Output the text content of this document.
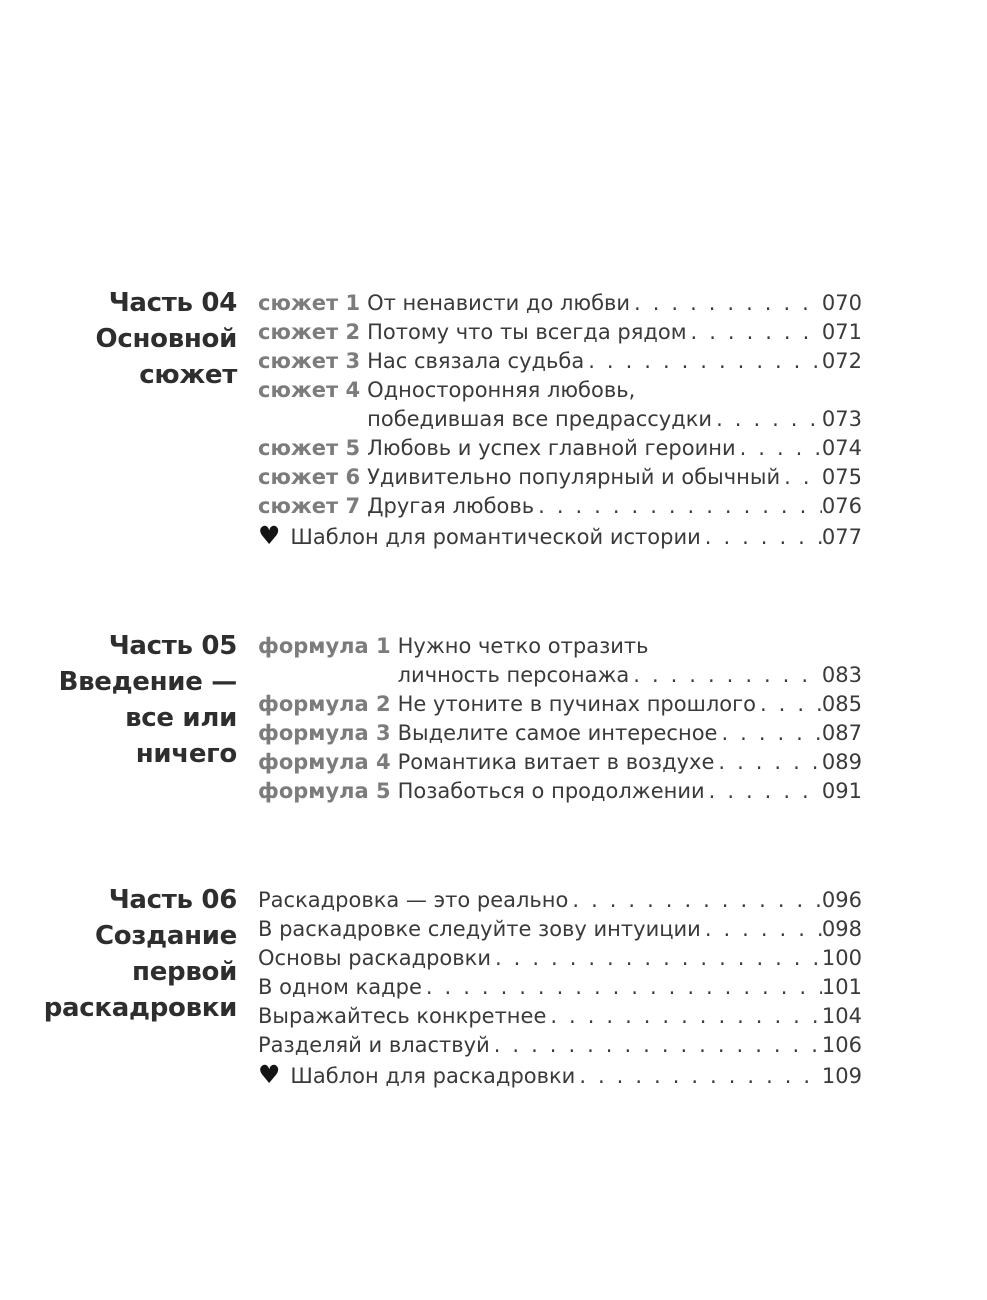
Часть 04
Основной
сюжет
сюжет 1 От ненависти до любви .....	070
сюжет 2 Потому что ты всегда рядом .....	071
сюжет 3 Нас связала судьба .....	072
сюжет 4 Односторонняя любовь,
победившая все предрассудки .....	073
сюжет 5 Любовь и успех главной героини .....	074
сюжет 6 Удивительно популярный и обычный ..... 075
сюжет 7 Другая любовь .....	076
♥ Шаблон для романтической истории .....	077
Часть 05
Введение —
все или
ничего
формула 1 Нужно четко отразить
личность персонажа .....	083
формула 2 Не утоните в пучинах прошлого .....	085
формула 3 Выделите самое интересное .....	087
формула 4 Романтика витает в воздухе .....	089
формула 5 Позаботься о продолжении .....	091
Часть 06
Создание
первой
раскадровки
Раскадровка — это реально .....	096
В раскадровке следуйте зову интуиции .....	098
Основы раскадровки .....	100
В одном кадре .....	101
Выражайтесь конкретнее .....	104
Разделяй и властвуй .....	106
♥ Шаблон для раскадровки .....	109
